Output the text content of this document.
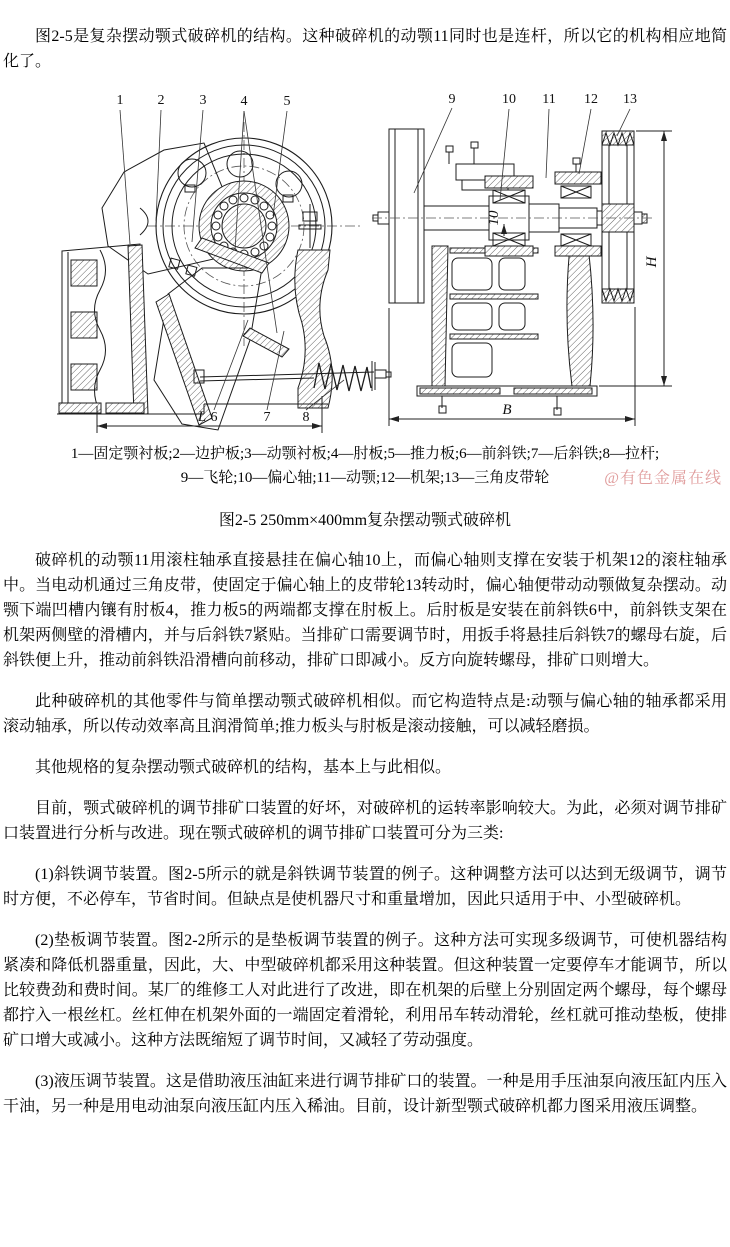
图2-5是复杂摆动颚式破碎机的结构。这种破碎机的动颚11同时也是连杆，所以它的机构相应地简化了。

1 2	3 4	5
6	7 8
L
10
H
B
9	10 11 12 13
1—固定颚衬板;2—边护板;3—动颚衬板;4—肘板;5—推力板;6—前斜铁;7—后斜铁;8—拉杆;
9—飞轮;10—偏心轴;11—动颚;12—机架;13—三角皮带轮	@有色金属在线
图2-5 250mm×400mm复杂摆动颚式破碎机

破碎机的动颚11用滚柱轴承直接悬挂在偏心轴10上，而偏心轴则支撑在安装于机架12的滚柱轴承中。当电动机通过三角皮带，使固定于偏心轴上的皮带轮13转动时，偏心轴便带动动颚做复杂摆动。动颚下端凹槽内镶有肘板4，推力板5的两端都支撑在肘板上。后肘板是安装在前斜铁6中，前斜铁支架在机架两侧壁的滑槽内，并与后斜铁7紧贴。当排矿口需要调节时，用扳手将悬挂后斜铁7的螺母右旋，后斜铁便上升，推动前斜铁沿滑槽向前移动，排矿口即减小。反方向旋转螺母，排矿口则增大。

此种破碎机的其他零件与简单摆动颚式破碎机相似。而它构造特点是:动颚与偏心轴的轴承都采用滚动轴承，所以传动效率高且润滑简单;推力板头与肘板是滚动接触，可以减轻磨损。

其他规格的复杂摆动颚式破碎机的结构，基本上与此相似。

目前，颚式破碎机的调节排矿口装置的好坏，对破碎机的运转率影响较大。为此，必须对调节排矿口装置进行分析与改进。现在颚式破碎机的调节排矿口装置可分为三类:

(1)斜铁调节装置。图2-5所示的就是斜铁调节装置的例子。这种调整方法可以达到无级调节，调节时方便，不必停车，节省时间。但缺点是使机器尺寸和重量增加，因此只适用于中、小型破碎机。

(2)垫板调节装置。图2-2所示的是垫板调节装置的例子。这种方法可实现多级调节，可使机器结构紧凑和降低机器重量，因此，大、中型破碎机都采用这种装置。但这种装置一定要停车才能调节，所以比较费劲和费时间。某厂的维修工人对此进行了改进，即在机架的后壁上分别固定两个螺母，每个螺母都拧入一根丝杠。丝杠伸在机架外面的一端固定着滑轮，利用吊车转动滑轮，丝杠就可推动垫板，使排矿口增大或减小。这种方法既缩短了调节时间，又减轻了劳动强度。

(3)液压调节装置。这是借助液压油缸来进行调节排矿口的装置。一种是用手压油泵向液压缸内压入干油，另一种是用电动油泵向液压缸内压入稀油。目前，设计新型颚式破碎机都力图采用液压调整。
